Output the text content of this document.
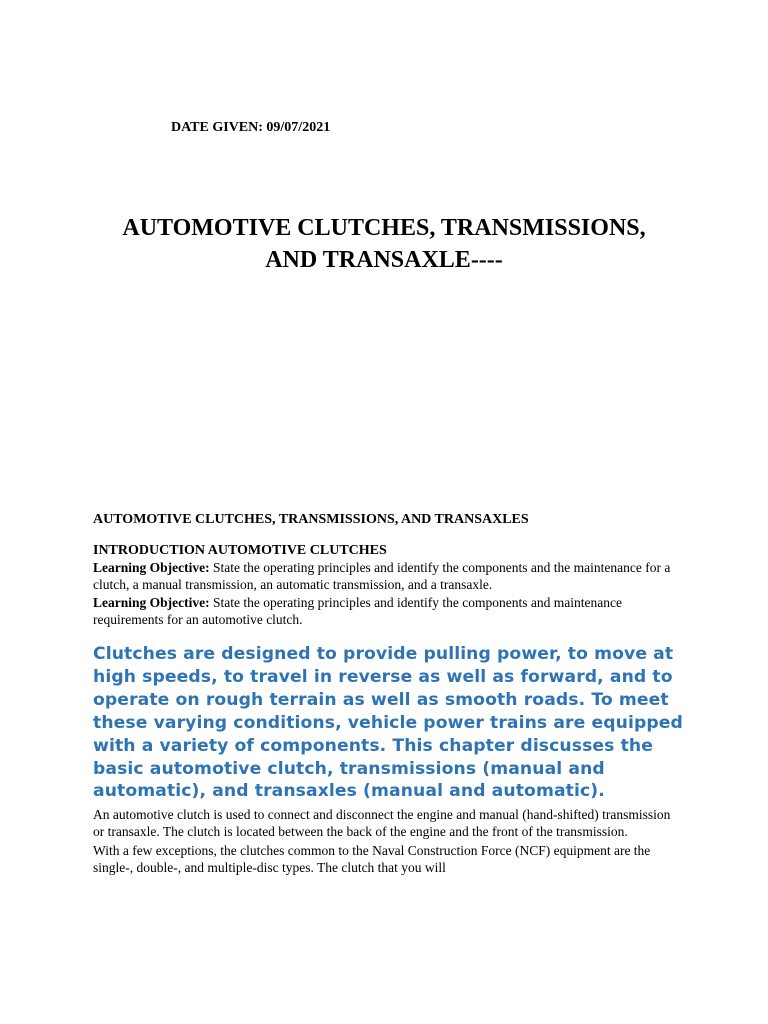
DATE GIVEN: 09/07/2021
AUTOMOTIVE CLUTCHES, TRANSMISSIONS,
AND TRANSAXLE----
AUTOMOTIVE CLUTCHES, TRANSMISSIONS, AND TRANSAXLES
INTRODUCTION AUTOMOTIVE CLUTCHES

Learning Objective: State the operating principles and identify the components and the maintenance for a clutch, a manual transmission, an automatic transmission, and a transaxle.

Learning Objective: State the operating principles and identify the components and maintenance requirements for an automotive clutch.

Clutches are designed to provide pulling power, to move at high speeds, to travel in reverse as well as forward, and to operate on rough terrain as well as smooth roads. To meet these varying conditions, vehicle power trains are equipped with a variety of components. This chapter discusses the basic automotive clutch, transmissions (manual and automatic), and transaxles (manual and automatic).

An automotive clutch is used to connect and disconnect the engine and manual (hand-shifted) transmission or transaxle. The clutch is located between the back of the engine and the front of the transmission.

With a few exceptions, the clutches common to the Naval Construction Force (NCF) equipment are the single-, double-, and multiple-disc types. The clutch that you will
